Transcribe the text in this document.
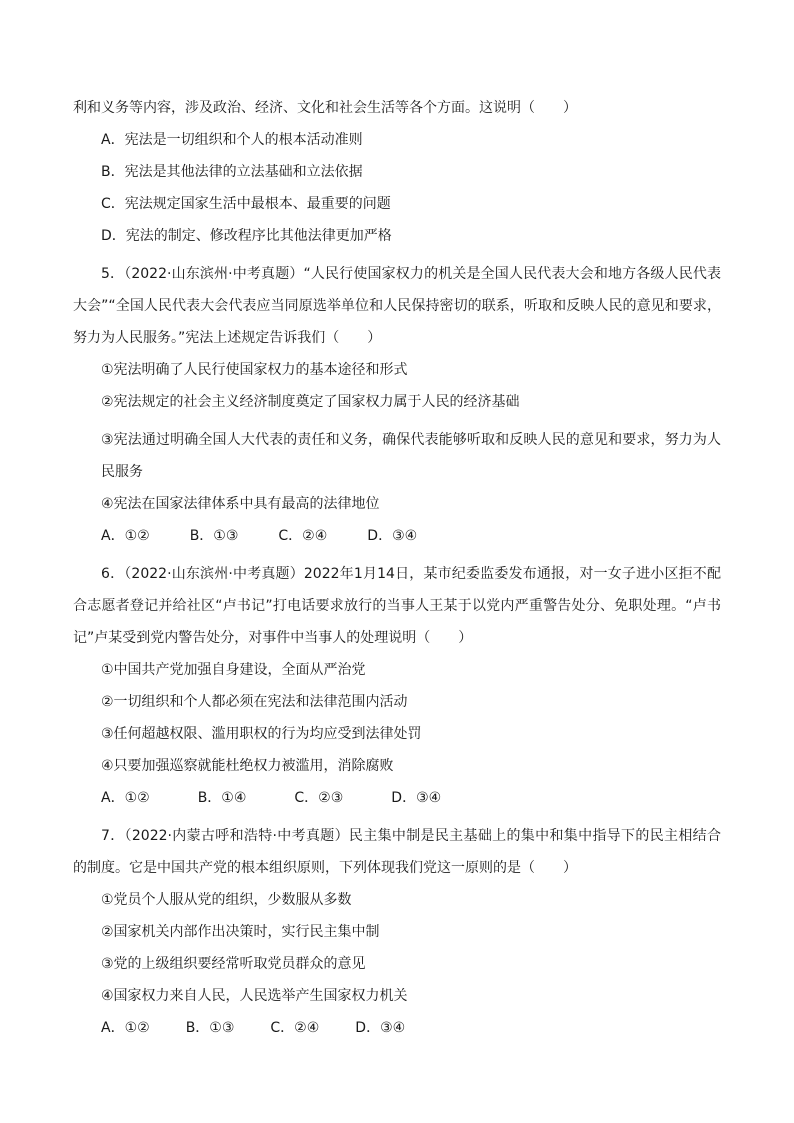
利和义务等内容，涉及政治、经济、文化和社会生活等各个方面。这说明（　　）
A．宪法是一切组织和个人的根本活动准则
B．宪法是其他法律的立法基础和立法依据
C．宪法规定国家生活中最根本、最重要的问题
D．宪法的制定、修改程序比其他法律更加严格
5．（2022·山东滨州·中考真题）“人民行使国家权力的机关是全国人民代表大会和地方各级人民代表大会”“全国人民代表大会代表应当同原选举单位和人民保持密切的联系，听取和反映人民的意见和要求，努力为人民服务。”宪法上述规定告诉我们（　　）
①宪法明确了人民行使国家权力的基本途径和形式
②宪法规定的社会主义经济制度奠定了国家权力属于人民的经济基础
③宪法通过明确全国人大代表的责任和义务，确保代表能够听取和反映人民的意见和要求，努力为人民服务
④宪法在国家法律体系中具有最高的法律地位
A．①②	B．①③	C．②④	D．③④
6．（2022·山东滨州·中考真题）2022年1月14日，某市纪委监委发布通报，对一女子进小区拒不配合志愿者登记并给社区“卢书记”打电话要求放行的当事人王某于以党内严重警告处分、免职处理。“卢书记”卢某受到党内警告处分，对事件中当事人的处理说明（　　）
①中国共产党加强自身建设，全面从严治党
②一切组织和个人都必须在宪法和法律范围内活动
③任何超越权限、滥用职权的行为均应受到法律处罚
④只要加强巡察就能杜绝权力被滥用，消除腐败
A．①②	B．①④	C．②③	D．③④
7．（2022·内蒙古呼和浩特·中考真题）民主集中制是民主基础上的集中和集中指导下的民主相结合的制度。它是中国共产党的根本组织原则，下列体现我们党这一原则的是（　　）
①党员个人服从党的组织，少数服从多数
②国家机关内部作出决策时，实行民主集中制
③党的上级组织要经常听取党员群众的意见
④国家权力来自人民，人民选举产生国家权力机关
A．①②	B．①③	C．②④	D．③④
